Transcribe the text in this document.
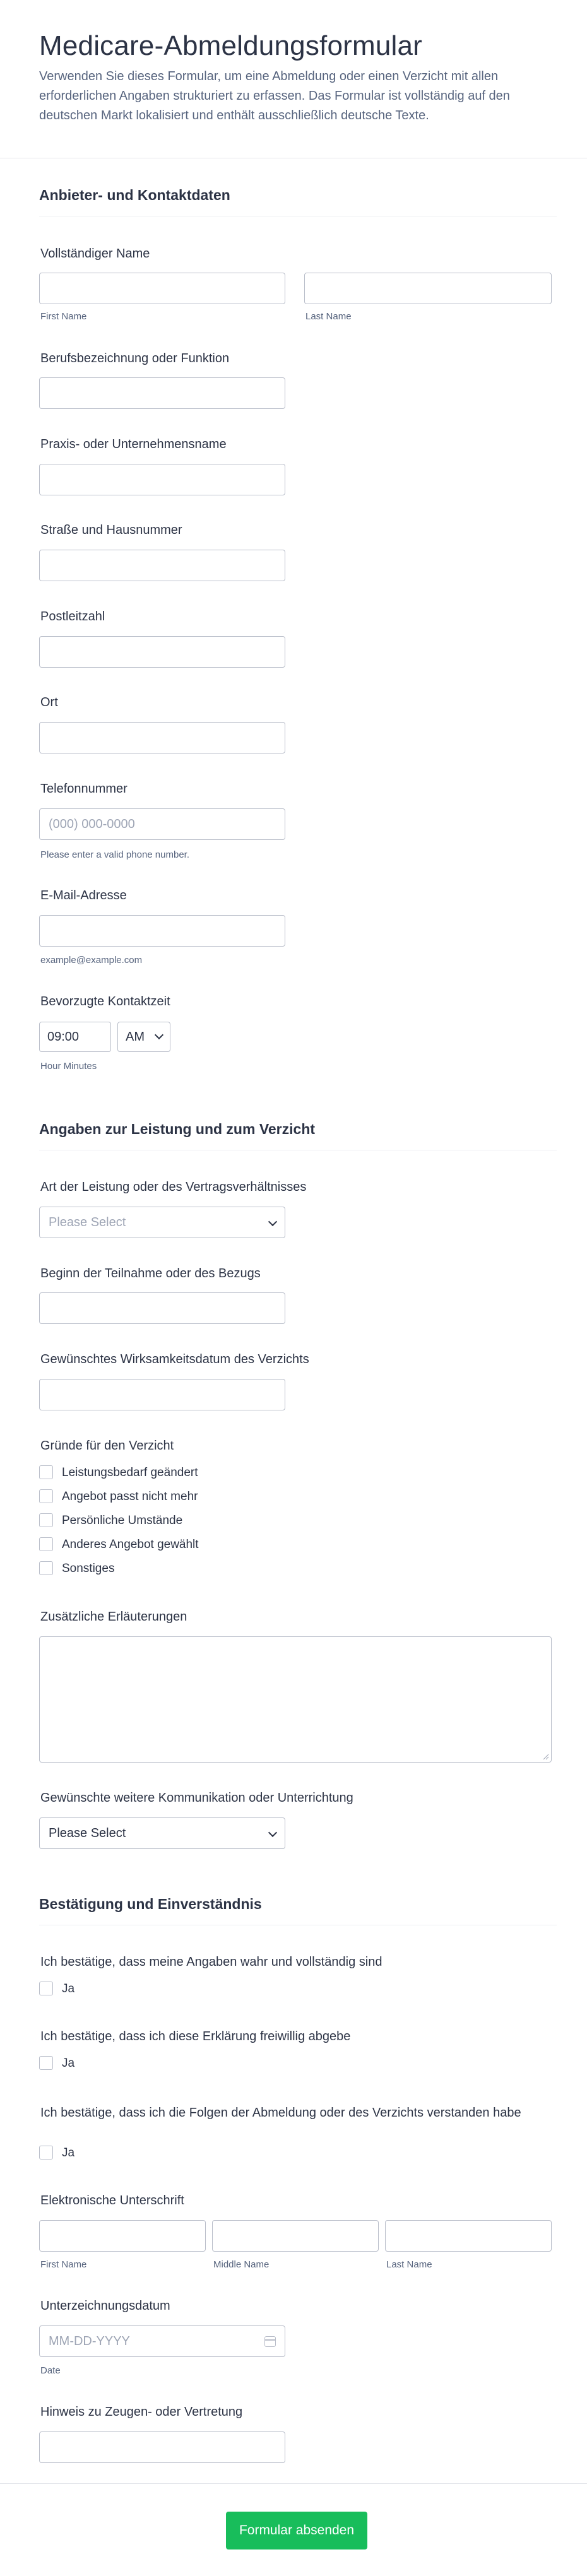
Medicare-Abmeldungsformular
Verwenden Sie dieses Formular, um eine Abmeldung oder einen Verzicht mit allen erforderlichen Angaben strukturiert zu erfassen. Das Formular ist vollständig auf den deutschen Markt lokalisiert und enthält ausschließlich deutsche Texte.
Anbieter- und Kontaktdaten
Vollständiger Name
First Name	Last Name
Berufsbezeichnung oder Funktion
Praxis- oder Unternehmensname
Straße und Hausnummer
Postleitzahl
Ort
Telefonnummer
(000) 000-0000
Please enter a valid phone number.
E-Mail-Adresse
example@example.com
Bevorzugte Kontaktzeit
09:00	AM
Hour Minutes
Angaben zur Leistung und zum Verzicht
Art der Leistung oder des Vertragsverhältnisses
Please Select
Beginn der Teilnahme oder des Bezugs
Gewünschtes Wirksamkeitsdatum des Verzichts
Gründe für den Verzicht
Leistungsbedarf geändert
Angebot passt nicht mehr
Persönliche Umstände
Anderes Angebot gewählt
Sonstiges
Zusätzliche Erläuterungen
Gewünschte weitere Kommunikation oder Unterrichtung
Please Select
Bestätigung und Einverständnis
Ich bestätige, dass meine Angaben wahr und vollständig sind
Ja
Ich bestätige, dass ich diese Erklärung freiwillig abgebe
Ja
Ich bestätige, dass ich die Folgen der Abmeldung oder des Verzichts verstanden habe
Ja
Elektronische Unterschrift
First Name	Middle Name	Last Name
Unterzeichnungsdatum
MM-DD-YYYY
Date
Hinweis zu Zeugen- oder Vertretung
Formular absenden
